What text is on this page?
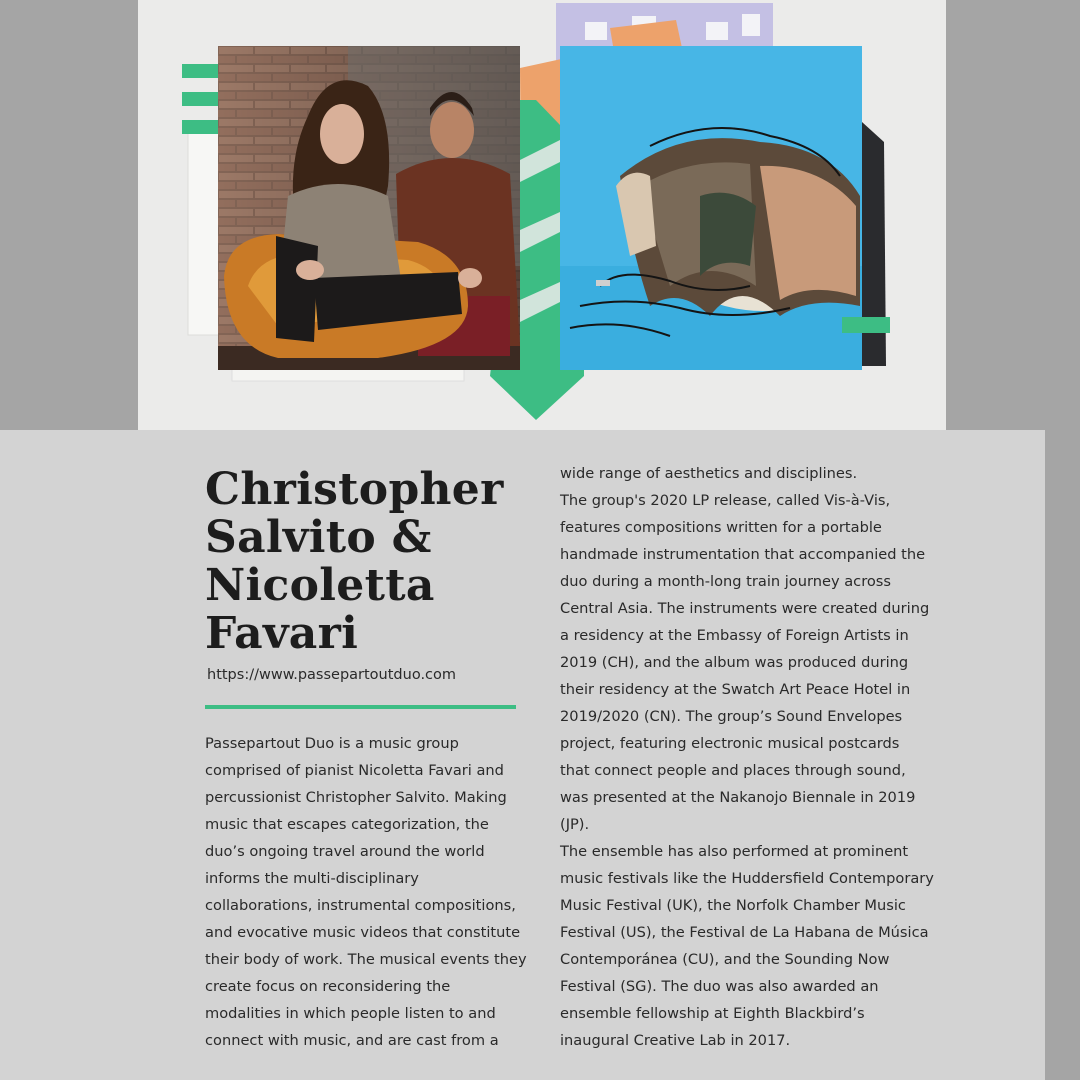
Christopher
Salvito &
Nicoletta
Favari
https://www.passepartoutduo.com
Passepartout Duo is a music group
comprised of pianist Nicoletta Favari and
percussionist Christopher Salvito. Making
music that escapes categorization, the
duo’s ongoing travel around the world
informs the multi-disciplinary
collaborations, instrumental compositions,
and evocative music videos that constitute
their body of work. The musical events they
create focus on reconsidering the
modalities in which people listen to and
connect with music, and are cast from a
wide range of aesthetics and disciplines.
The group's 2020 LP release, called Vis-à-Vis,
features compositions written for a portable
handmade instrumentation that accompanied the
duo during a month-long train journey across
Central Asia. The instruments were created during
a residency at the Embassy of Foreign Artists in
2019 (CH), and the album was produced during
their residency at the Swatch Art Peace Hotel in
2019/2020 (CN). The group’s Sound Envelopes
project, featuring electronic musical postcards
that connect people and places through sound,
was presented at the Nakanojo Biennale in 2019
(JP).
The ensemble has also performed at prominent
music festivals like the Huddersfield Contemporary
Music Festival (UK), the Norfolk Chamber Music
Festival (US), the Festival de La Habana de Música
Contemporánea (CU), and the Sounding Now
Festival (SG). The duo was also awarded an
ensemble fellowship at Eighth Blackbird’s
inaugural Creative Lab in 2017.
